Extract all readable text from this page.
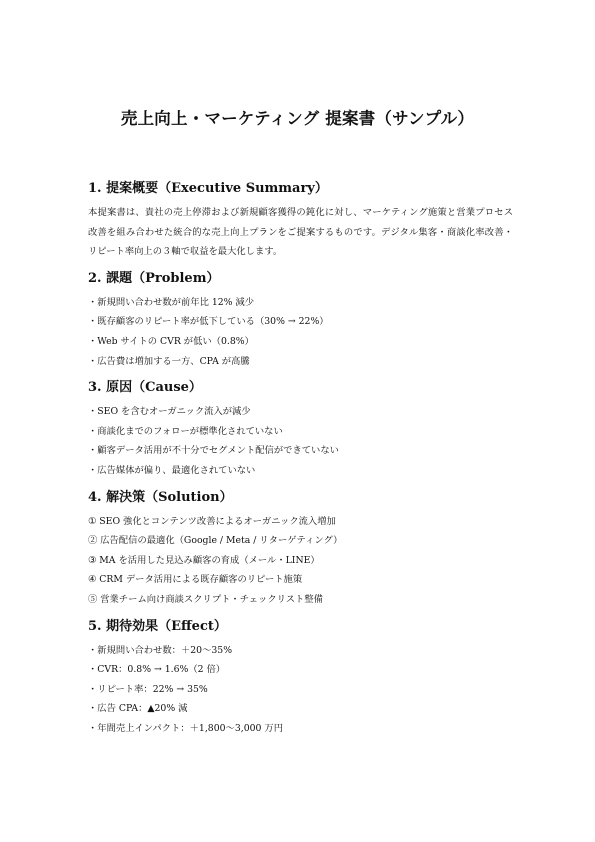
売上向上・マーケティング 提案書（サンプル）
1. 提案概要（Executive Summary）

本提案書は、貴社の売上停滞および新規顧客獲得の鈍化に対し、マーケティング施策と営業プロセス改善を組み合わせた統合的な売上向上プランをご提案するものです。デジタル集客・商談化率改善・リピート率向上の３軸で収益を最大化します。

2. 課題（Problem）
・新規問い合わせ数が前年比 12% 減少
・既存顧客のリピート率が低下している（30% → 22%）
・Web サイトの CVR が低い（0.8%）
・広告費は増加する一方、CPA が高騰
3. 原因（Cause）
・SEO を含むオーガニック流入が減少
・商談化までのフォローが標準化されていない
・顧客データ活用が不十分でセグメント配信ができていない
・広告媒体が偏り、最適化されていない
4. 解決策（Solution）
① SEO 強化とコンテンツ改善によるオーガニック流入増加
② 広告配信の最適化（Google / Meta / リターゲティング）
③ MA を活用した見込み顧客の育成（メール・LINE）
④ CRM データ活用による既存顧客のリピート施策
⑤ 営業チーム向け商談スクリプト・チェックリスト整備
5. 期待効果（Effect）
・新規問い合わせ数：＋20～35%
・CVR：0.8% → 1.6%（2 倍）
・リピート率：22% → 35%
・広告 CPA：▲20% 減
・年間売上インパクト：＋1,800～3,000 万円
